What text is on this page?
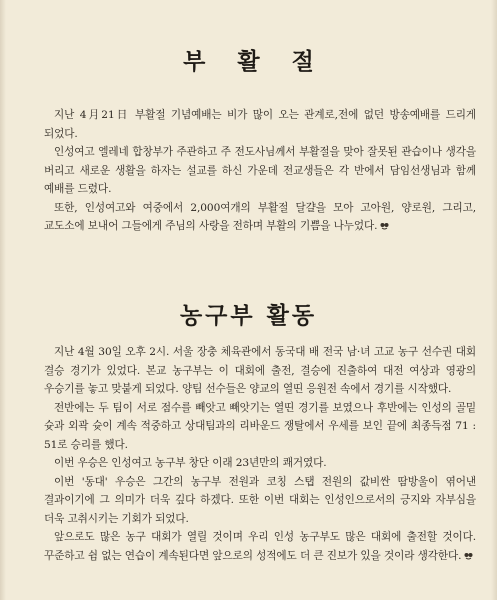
부 활 절

지난 4月21日 부활절 기념예배는 비가 많이 오는 관계로,전에 없던 방송예배를 드리게 되었다.

인성여고 엘레네 합창부가 주관하고 주 전도사님께서 부활절을 맞아 잘못된 관습이나 생각을 버리고 새로운 생활을 하자는 설교를 하신 가운데 전교생들은 각 반에서 담임선생님과 함께 예배를 드렸다.

또한, 인성여고와 여중에서 2,000여개의 부활절 달걀을 모아 고아원, 양로원, 그리고, 교도소에 보내어 그들에게 주님의 사랑을 전하며 부활의 기쁨을 나누었다.

농구부 활동

지난 4월 30일 오후 2시. 서울 장충 체육관에서 동국대 배 전국 남·녀 고교 농구 선수권 대회 결승 경기가 있었다. 본교 농구부는 이 대회에 출전, 결승에 진출하여 대전 여상과 영광의 우승기를 놓고 맞붙게 되었다. 양팀 선수들은 양교의 열띤 응원전 속에서 경기를 시작했다.

전반에는 두 팀이 서로 점수를 빼앗고 빼앗기는 열띤 경기를 보였으나 후반에는 인성의 골밑 슛과 외곽 슛이 계속 적중하고 상대팀과의 리바운드 쟁탈에서 우세를 보인 끝에 최종득점 71 : 51로 승리를 했다.

이번 우승은 인성여고 농구부 창단 이래 23년만의 쾌거였다.

이번 '동대' 우승은 그간의 농구부 전원과 코칭 스탭 전원의 값비싼 땀방울이 엮어낸 결과이기에 그 의미가 더욱 깊다 하겠다. 또한 이번 대회는 인성인으로서의 긍지와 자부심을 더욱 고취시키는 기회가 되었다.

앞으로도 많은 농구 대회가 열릴 것이며 우리 인성 농구부도 많은 대회에 출전할 것이다. 꾸준하고 쉼 없는 연습이 계속된다면 앞으로의 성적에도 더 큰 진보가 있을 것이라 생각한다.
